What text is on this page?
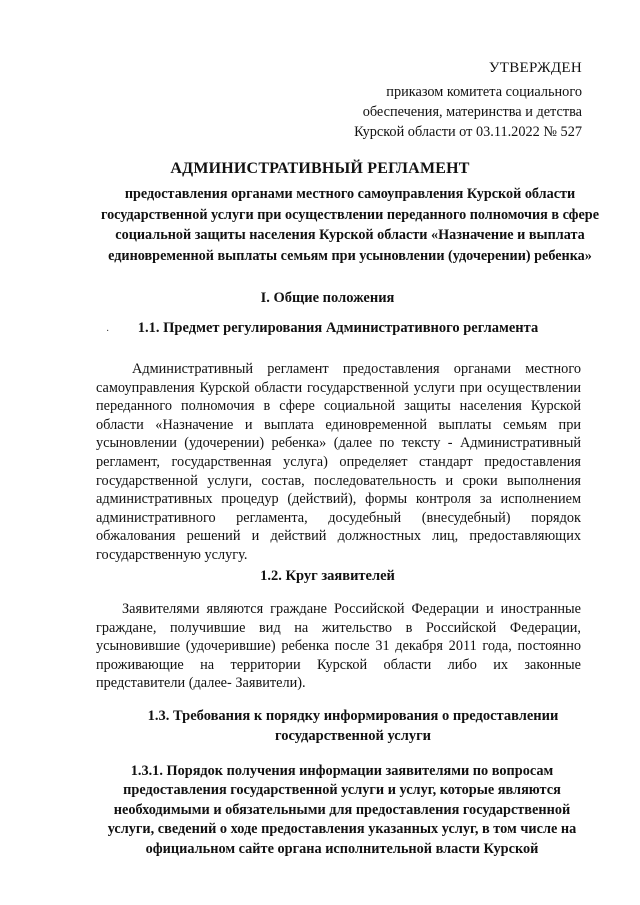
УТВЕРЖДЕН
приказом комитета социального
обеспечения, материнства и детства
Курской области от 03.11.2022 № 527
АДМИНИСТРАТИВНЫЙ РЕГЛАМЕНТ
предоставления органами местного самоуправления Курской области государственной услуги при осуществлении переданного полномочия в сфере социальной защиты населения Курской области «Назначение и выплата единовременной выплаты семьям при усыновлении (удочерении) ребенка»
I. Общие положения
·	1.1. Предмет регулирования Административного регламента
Административный регламент предоставления органами местного самоуправления Курской области государственной услуги при осуществлении переданного полномочия в сфере социальной защиты населения Курской области «Назначение и выплата единовременной выплаты семьям при усыновлении (удочерении) ребенка» (далее по тексту - Административный регламент, государственная услуга) определяет стандарт предоставления государственной услуги, состав, последовательность и сроки выполнения административных процедур (действий), формы контроля за исполнением административного регламента, досудебный (внесудебный) порядок обжалования решений и действий должностных лиц, предоставляющих государственную услугу.
1.2. Круг заявителей
Заявителями являются граждане Российской Федерации и иностранные граждане, получившие вид на жительство в Российской Федерации, усыновившие (удочерившие) ребенка после 31 декабря 2011 года, постоянно проживающие на территории Курской области либо их законные представители (далее- Заявители).
1.3. Требования к порядку информирования о предоставлении государственной услуги
1.3.1. Порядок получения информации заявителями по вопросам предоставления государственной услуги и услуг, которые являются необходимыми и обязательными для предоставления государственной услуги, сведений о ходе предоставления указанных услуг, в том числе на официальном сайте органа исполнительной власти Курской
